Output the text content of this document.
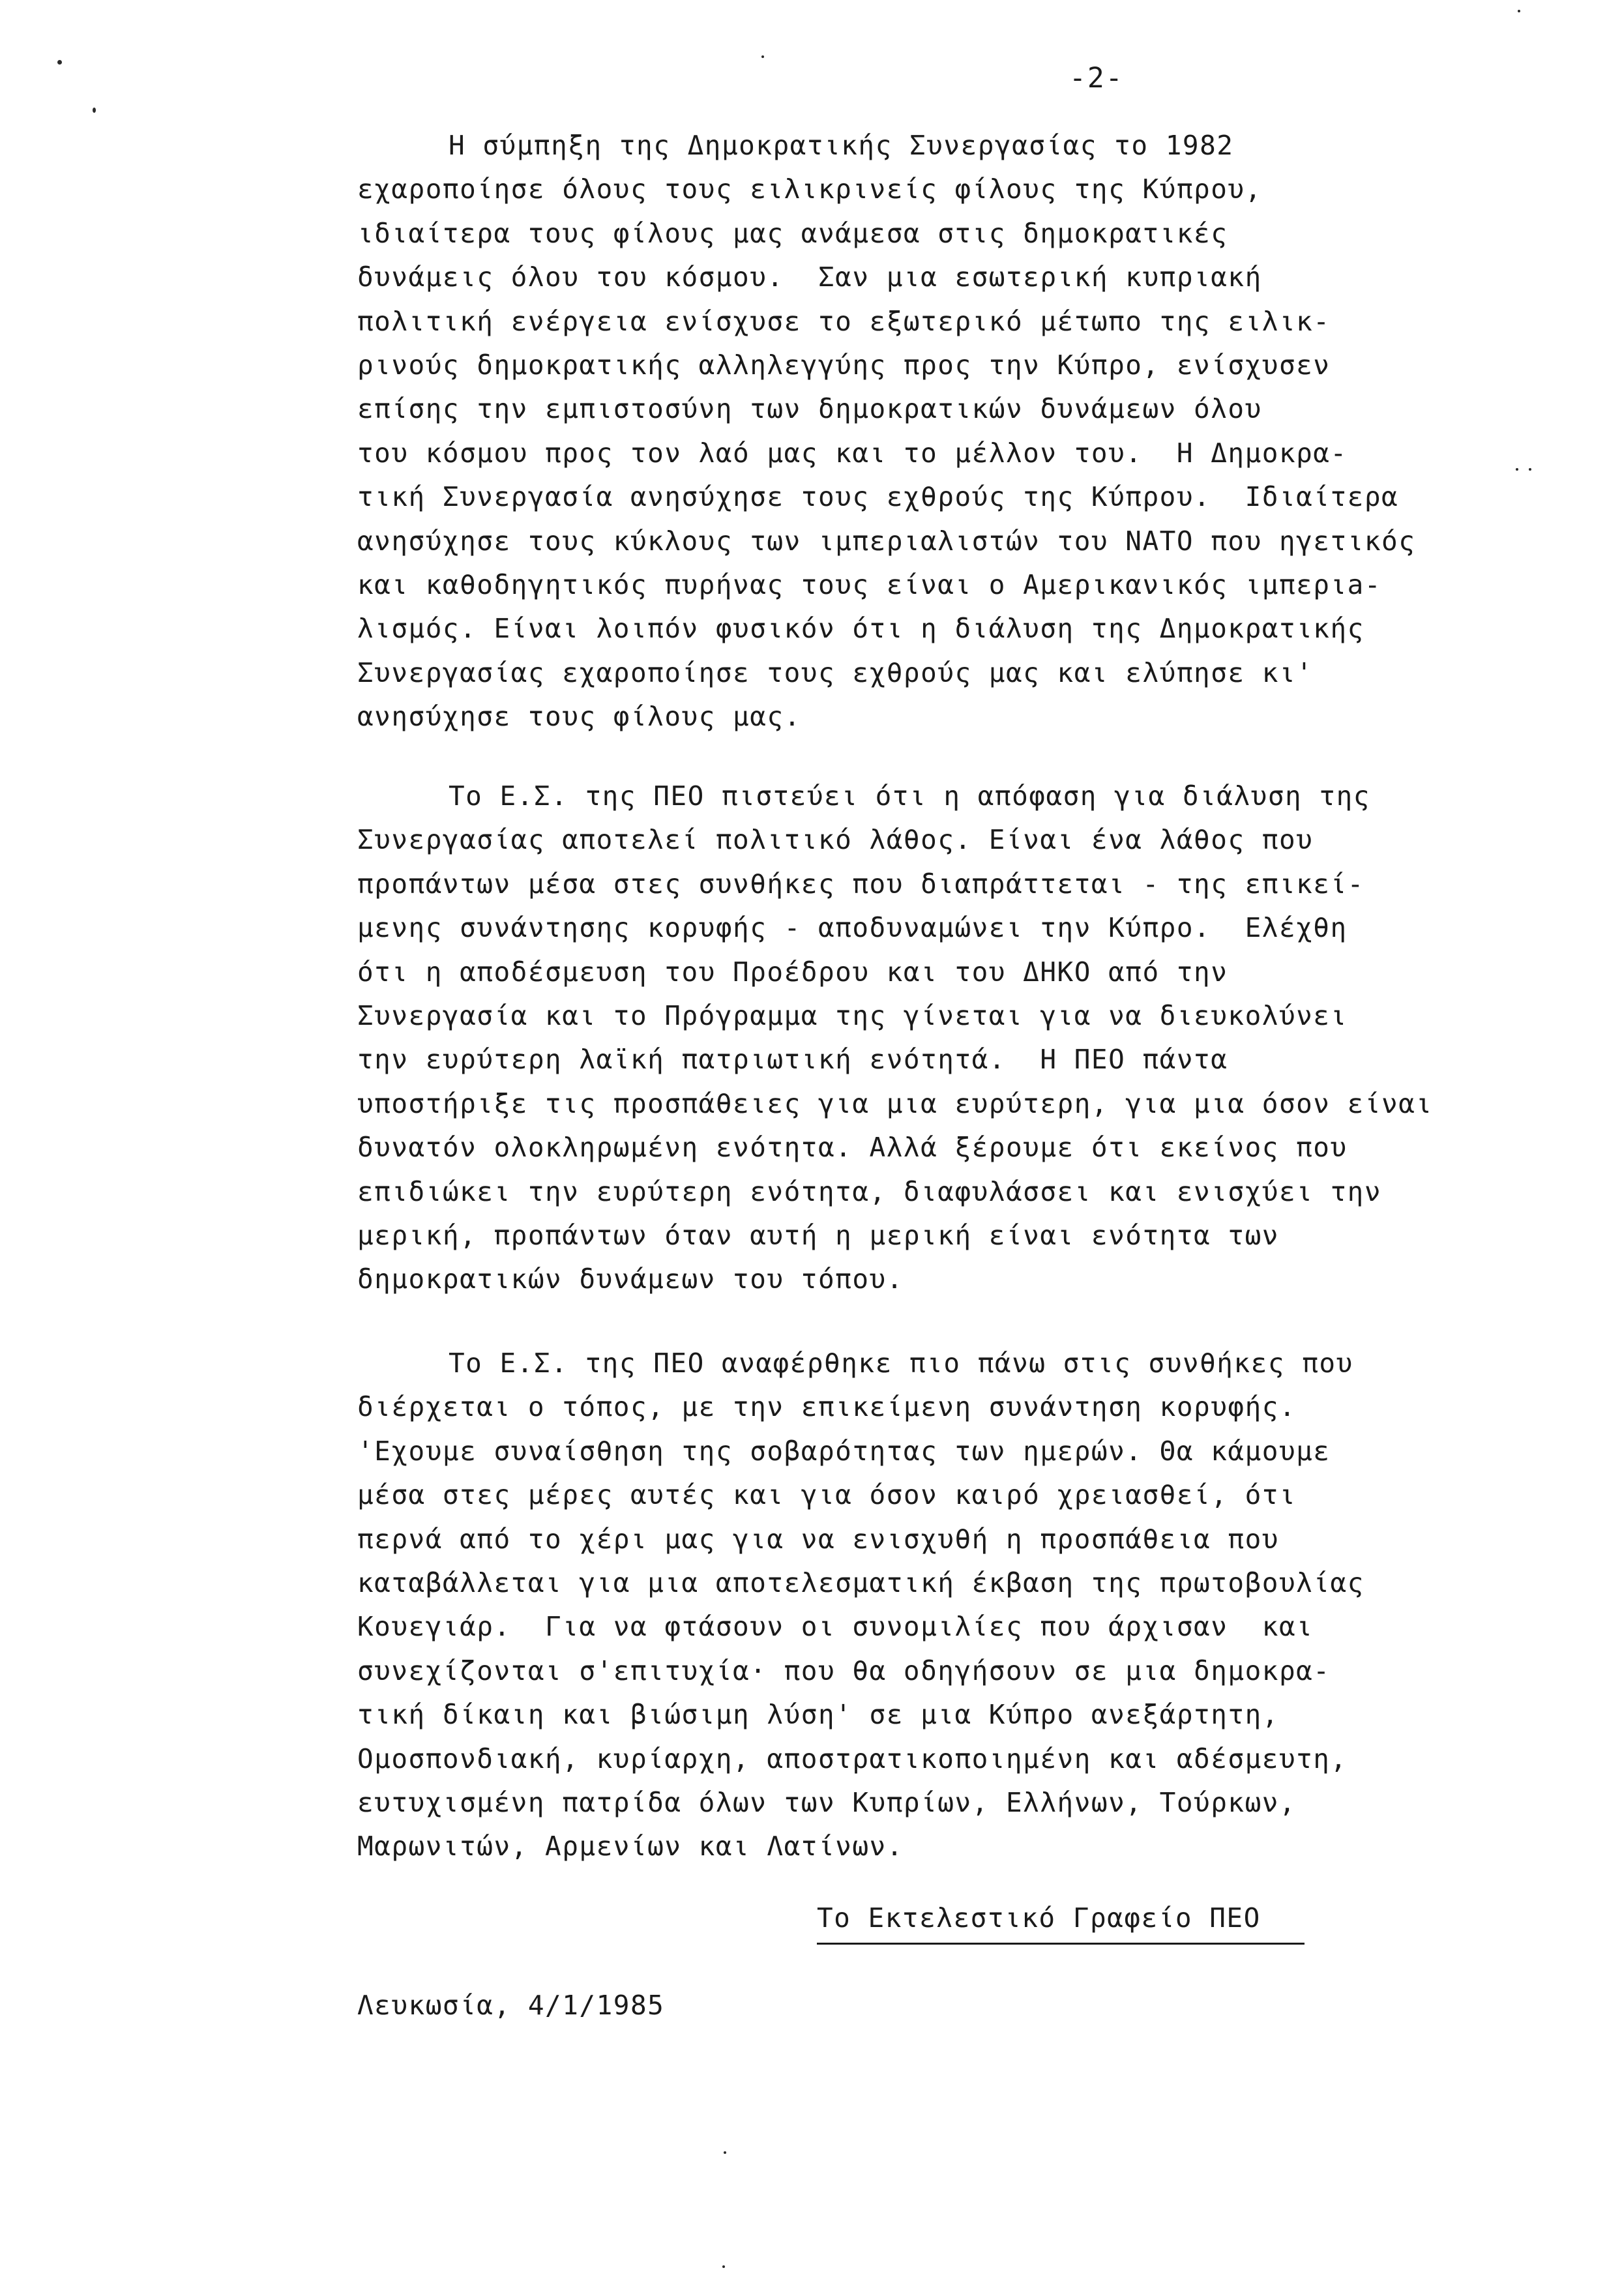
-2-
Η σύμπηξη της Δημοκρατικής Συνεργασίας το 1982
εχαροποίησε όλους τους ειλικρινείς φίλους της Κύπρου,
ιδιαίτερα τους φίλους μας ανάμεσα στις δημοκρατικές
δυνάμεις όλου του κόσμου.  Σαν μια εσωτερική κυπριακή
πολιτική ενέργεια ενίσχυσε το εξωτερικό μέτωπο της ειλικ-
ρινούς δημοκρατικής αλληλεγγύης προς την Κύπρο, ενίσχυσεν
επίσης την εμπιστοσύνη των δημοκρατικών δυνάμεων όλου
του κόσμου προς τον λαό μας και το μέλλον του.  Η Δημοκρα-
τική Συνεργασία ανησύχησε τους εχθρούς της Κύπρου.  Ιδιαίτερα
ανησύχησε τους κύκλους των ιμπεριαλιστών του ΝΑΤΟ που ηγετικός
και καθοδηγητικός πυρήνας τους είναι ο Αμερικανικός ιμπεριa-
λισμός. Είναι λοιπόν φυσικόν ότι η διάλυση της Δημοκρατικής
Συνεργασίας εχαροποίησε τους εχθρούς μας και ελύπησε κι'
ανησύχησε τους φίλους μας.
Το Ε.Σ. της ΠΕΟ πιστεύει ότι η απόφαση για διάλυση της
Συνεργασίας αποτελεί πολιτικό λάθος. Είναι ένα λάθος που
προπάντων μέσα στες συνθήκες που διαπράττεται - της επικεί-
μενης συνάντησης κορυφής - αποδυναμώνει την Κύπρο.  Ελέχθη
ότι η αποδέσμευση του Προέδρου και του ΔΗΚΟ από την
Συνεργασία και το Πρόγραμμα της γίνεται για να διευκολύνει
την ευρύτερη λαϊκή πατριωτική ενότητά.  Η ΠΕΟ πάντα
υποστήριξε τις προσπάθειες για μια ευρύτερη, για μια όσον είναι
δυνατόν ολοκληρωμένη ενότητα. Αλλά ξέρουμε ότι εκείνος που
επιδιώκει την ευρύτερη ενότητα, διαφυλάσσει και ενισχύει την
μερική, προπάντων όταν αυτή η μερική είναι ενότητα των
δημοκρατικών δυνάμεων του τόπου.
Το Ε.Σ. της ΠΕΟ αναφέρθηκε πιο πάνω στις συνθήκες που
διέρχεται ο τόπος, με την επικείμενη συνάντηση κορυφής.
'Εχουμε συναίσθηση της σοβαρότητας των ημερών. Θα κάμουμε
μέσα στες μέρες αυτές και για όσον καιρό χρειασθεί, ότι
περνά από το χέρι μας για να ενισχυθή η προσπάθεια που
καταβάλλεται για μια αποτελεσματική έκβαση της πρωτοβουλίας
Κουεγιάρ.  Για να φτάσουν οι συνομιλίες που άρχισαν  και
συνεχίζονται σ'επιτυχία· που θα οδηγήσουν σε μια δημοκρα-
τική δίκαιη και βιώσιμη λύση' σε μια Κύπρο ανεξάρτητη,
Ομοσπονδιακή, κυρίαρχη, αποστρατικοποιημένη και αδέσμευτη,
ευτυχισμένη πατρίδα όλων των Κυπρίων, Ελλήνων, Τούρκων,
Μαρωνιτών, Αρμενίων και Λατίνων.
Το Εκτελεστικό Γραφείο ΠΕΟ
Λευκωσία, 4/1/1985
